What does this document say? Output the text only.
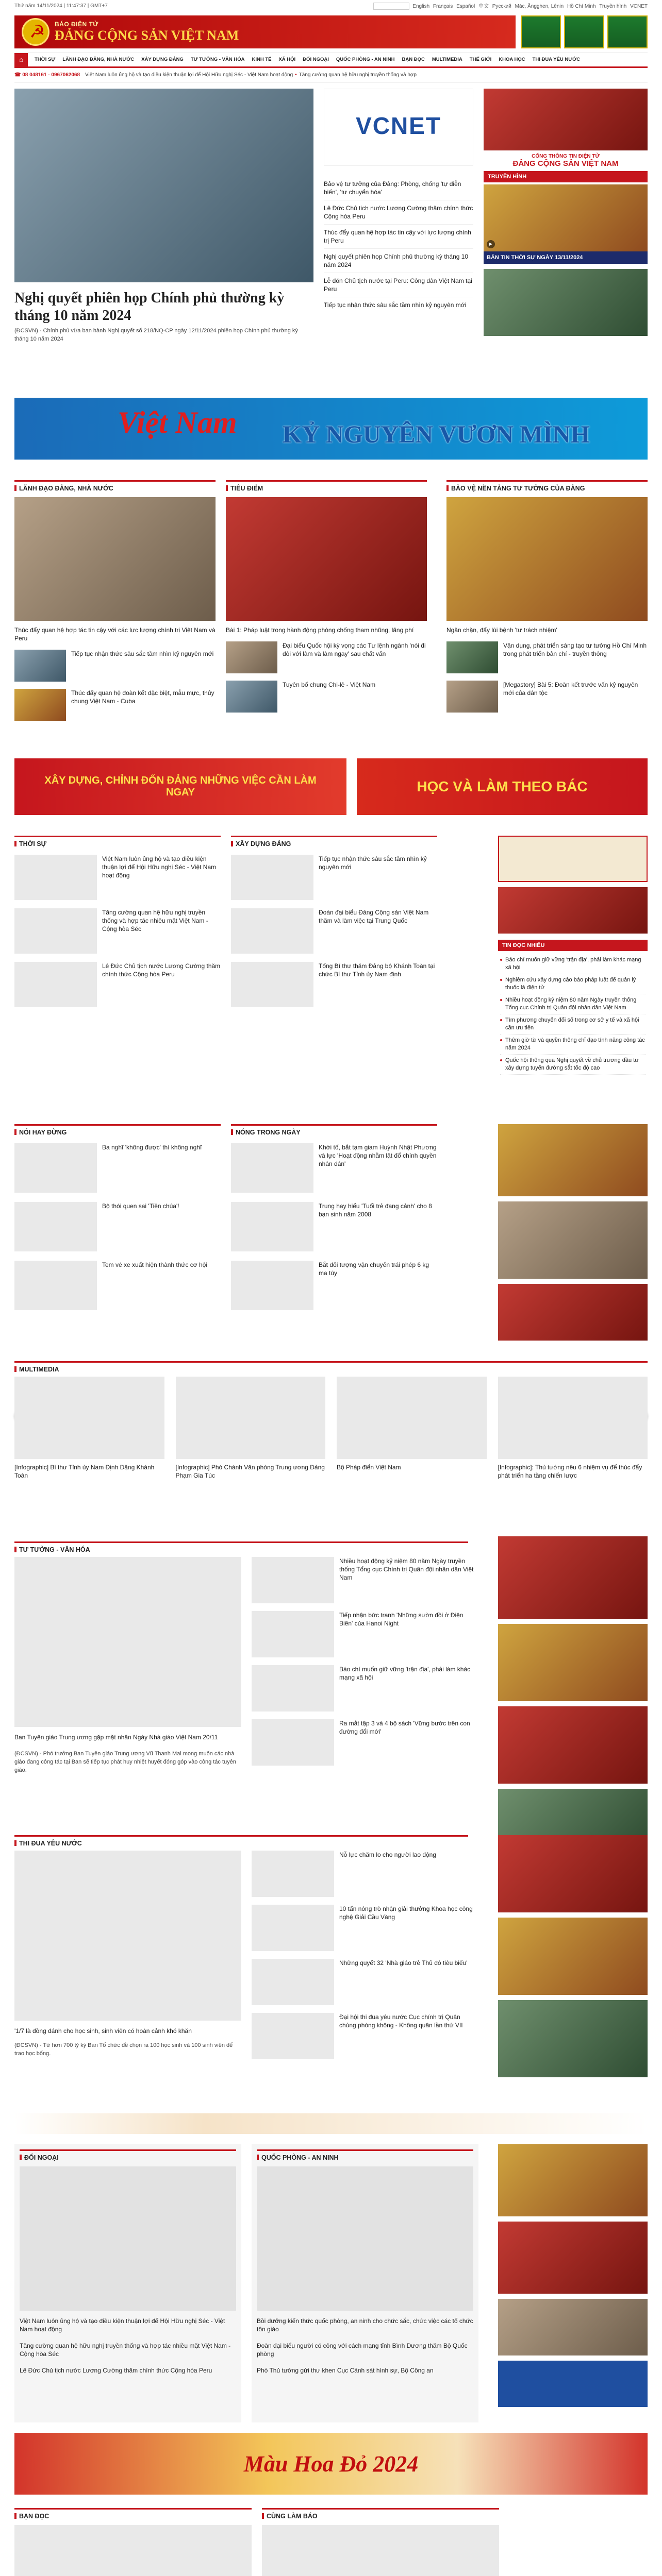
Thứ năm 14/11/2024 | 11:47:37 | GMT+7	English Français Español 中文 Русский Mác, Ăngghen, Lênin Hồ Chí Minh Truyền hình VCNET
☭
BÁO ĐIỆN TỬ
ĐẢNG CỘNG SẢN VIỆT NAM
⌂	THỜI SỰ	LÃNH ĐẠO ĐẢNG, NHÀ NƯỚC	XÂY DỰNG ĐẢNG	TƯ TƯỞNG - VĂN HÓA	KINH TẾ	XÃ HỘI	ĐỐI NGOẠI	QUỐC PHÒNG - AN NINH	BẠN ĐỌC	MULTIMEDIA	THẾ GIỚI	KHOA HỌC	THI ĐUA YÊU NƯỚC
☎ 08 048161 - 0967062068 Việt Nam luôn ủng hộ và tạo điều kiện thuận lợi để Hội Hữu nghị Séc - Việt Nam hoạt động • Tăng cường quan hệ hữu nghị truyền thống và hợp
Nghị quyết phiên họp Chính phủ thường kỳ tháng 10 năm 2024
(ĐCSVN) - Chính phủ vừa ban hành Nghị quyết số 218/NQ-CP ngày 12/11/2024 phiên họp Chính phủ thường kỳ tháng 10 năm 2024
VCNET
Bảo vệ tư tưởng của Đảng: Phòng, chống 'tự diễn biến', 'tự chuyển hóa'
Lê Đức Chủ tịch nước Lương Cường thăm chính thức Cộng hòa Peru
Thúc đẩy quan hệ hợp tác tin cậy với lực lượng chính trị Peru
Nghị quyết phiên họp Chính phủ thường kỳ tháng 10 năm 2024
Lễ đón Chủ tịch nước tại Peru: Công dân Việt Nam tại Peru
Tiếp tục nhận thức sâu sắc tầm nhìn kỷ nguyên mới
CỔNG THÔNG TIN ĐIỆN TỬ
ĐẢNG CỘNG SẢN VIỆT NAM
TRUYỀN HÌNH
▶
BẢN TIN THỜI SỰ NGÀY 13/11/2024
Việt Nam KỶ NGUYÊN VƯƠN MÌNH
LÃNH ĐẠO ĐẢNG, NHÀ NƯỚC
Thúc đẩy quan hệ hợp tác tin cậy với các lực lượng chính trị Việt Nam và Peru
Tiếp tục nhận thức sâu sắc tầm nhìn kỷ nguyên mới
Thúc đẩy quan hệ đoàn kết đặc biệt, mẫu mực, thủy chung Việt Nam - Cuba
TIÊU ĐIỂM
Bài 1: Pháp luật trong hành động phòng chống tham nhũng, lãng phí
Đại biểu Quốc hội kỳ vọng các Tư lệnh ngành 'nói đi đôi với làm và làm ngay' sau chất vấn
Tuyên bố chung Chi-lê - Việt Nam
BẢO VỆ NỀN TẢNG TƯ TƯỞNG CỦA ĐẢNG
Ngăn chặn, đẩy lùi bệnh 'tư trách nhiệm'
Vận dụng, phát triển sáng tạo tư tưởng Hồ Chí Minh trong phát triển bản chí - truyền thông
[Megastory] Bài 5: Đoàn kết trước vấn kỷ nguyên mới của dân tộc
XÂY DỰNG, CHỈNH ĐỐN ĐẢNG NHỮNG VIỆC CẦN LÀM NGAY	HỌC VÀ LÀM THEO BÁC
THỜI SỰ
Việt Nam luôn ủng hộ và tạo điều kiện thuận lợi để Hội Hữu nghị Séc - Việt Nam hoạt động
Tăng cường quan hệ hữu nghị truyền thống và hợp tác nhiều mặt Việt Nam - Cộng hòa Séc
Lê Đức Chủ tịch nước Lương Cường thăm chính thức Cộng hòa Peru
XÂY DỰNG ĐẢNG
Tiếp tục nhận thức sâu sắc tầm nhìn kỷ nguyên mới
Đoàn đại biểu Đảng Cộng sản Việt Nam thăm và làm việc tại Trung Quốc
Tổng Bí thư thăm Đảng bộ Khánh Toàn tại chức Bí thư Tỉnh ủy Nam định
TIN ĐỌC NHIỀU
Báo chí muốn giữ vững 'trận địa', phải làm khác mạng xã hội
Nghiêm cứu xây dựng cảo báo pháp luật để quản lý thuốc lá điện tử
Nhiều hoạt động kỷ niệm 80 năm Ngày truyền thống Tổng cục Chính trị Quân đội nhân dân Việt Nam
Tìm phương chuyển đổi số trong cơ sở y tế và xã hội cần ưu tiên
Thêm giờ từ và quyền thông chỉ đạo tính năng công tác năm 2024
Quốc hội thông qua Nghị quyết về chủ trương đầu tư xây dựng tuyến đường sắt tốc độ cao
NÓI HAY ĐỪNG
Ba nghĩ 'không được' thì không nghĩ
Bộ thói quen sai 'Tiền chúa'!
Tem vé xe xuất hiện thành thức cơ hội
NÓNG TRONG NGÀY
Khởi tố, bắt tạm giam Huỳnh Nhật Phương và lực 'Hoạt động nhằm lật đổ chính quyền nhân dân'
Trung hay hiểu 'Tuổi trẻ đang cảnh' cho 8 bạn sinh năm 2008
Bắt đối tượng vận chuyển trái phép 6 kg ma túy
MULTIMEDIA
[Infographic] Bí thư Tỉnh ủy Nam Định Đặng Khánh Toàn
[Infographic] Phó Chánh Văn phòng Trung ương Đảng Phạm Gia Túc
Bộ Pháp điển Việt Nam	[Infographic]: Thủ tướng nêu 6 nhiệm vụ để thúc đẩy phát triển ha tầng chiến lược
TƯ TƯỞNG - VĂN HÓA
Ban Tuyên giáo Trung ương gặp mặt nhân Ngày Nhà giáo Việt Nam 20/11
(ĐCSVN) - Phó trưởng Ban Tuyên giáo Trung ương Vũ Thanh Mai mong muốn các nhà giáo đang công tác tại Ban sẽ tiếp tục phát huy nhiệt huyết đóng góp vào công tác tuyên giáo.
Nhiều hoạt động kỷ niệm 80 năm Ngày truyền thống Tổng cục Chính trị Quân đội nhân dân Việt Nam
Tiếp nhận bức tranh 'Những sườn đồi ở Điện Biên' của Hanoi Night
Báo chí muốn giữ vững 'trận địa', phải làm khác mạng xã hội
Ra mắt tập 3 và 4 bộ sách 'Vững bước trên con đường đổi mới'
THI ĐUA YÊU NƯỚC
'1/7 là đồng đánh cho học sinh, sinh viên có hoàn cảnh khó khăn
(ĐCSVN) - Từ hơn 700 tỷ ký Ban Tổ chức đề chọn ra 100 học sinh và 100 sinh viên để trao học bổng.
Nỗ lực chăm lo cho người lao động
10 tấn nông trò nhận giải thưởng Khoa học công nghệ Giải Cầu Vàng
Những quyết 32 'Nhà giáo trẻ Thủ đô tiêu biểu'
Đại hội thi đua yêu nước Cục chính trị Quân chủng phòng không - Không quân lần thứ VII
ĐỐI NGOẠI
Việt Nam luôn ủng hộ và tạo điều kiện thuận lợi để Hội Hữu nghị Séc - Việt Nam hoạt động
Tăng cường quan hệ hữu nghị truyền thống và hợp tác nhiều mặt Việt Nam - Cộng hòa Séc
Lê Đức Chủ tịch nước Lương Cường thăm chính thức Cộng hòa Peru
QUỐC PHÒNG - AN NINH
Bồi dưỡng kiến thức quốc phòng, an ninh cho chức sắc, chức việc các tổ chức tôn giáo
Đoàn đại biểu người có công với cách mạng tỉnh Bình Dương thăm Bộ Quốc phòng
Phó Thủ tướng gửi thư khen Cục Cảnh sát hình sự, Bộ Công an
Màu Hoa Đỏ 2024
BẠN ĐỌC	CÙNG LÀM BÁO
